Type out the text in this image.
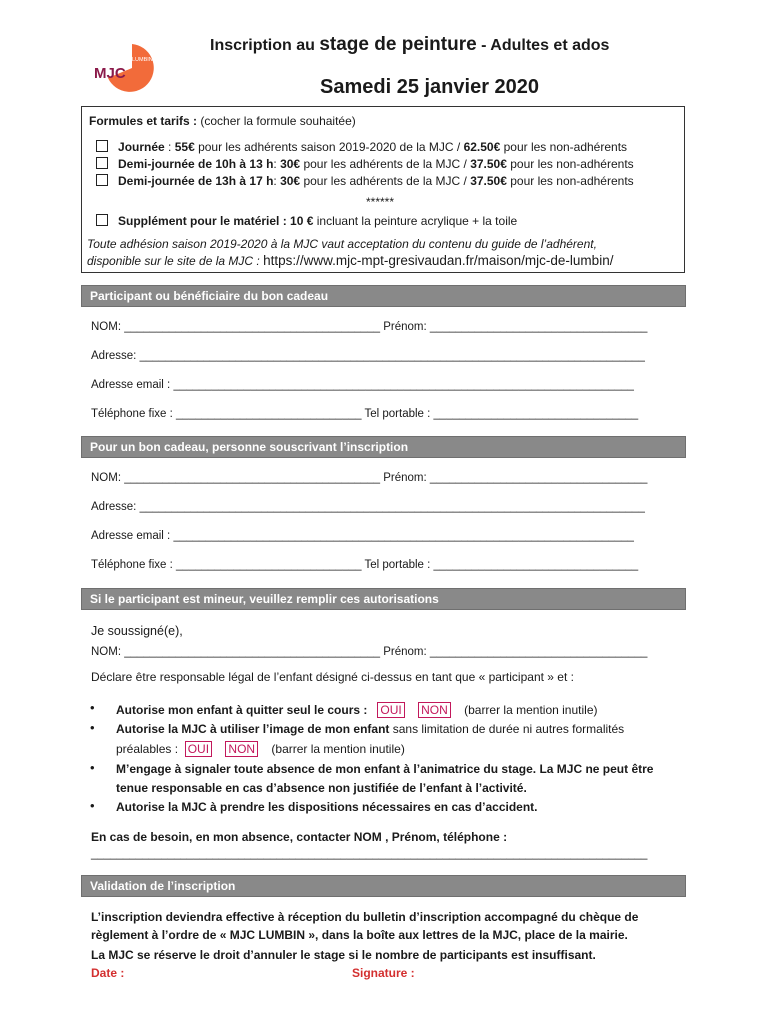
MJC
LUMBIN
Inscription au stage de peinture - Adultes et ados
Samedi 25 janvier 2020
Formules et tarifs : (cocher la formule souhaitée)
Journée : 55€ pour les adhérents saison 2019-2020 de la MJC / 62.50€ pour les non-adhérents
Demi-journée de 10h à 13 h: 30€ pour les adhérents de la MJC / 37.50€ pour les non-adhérents
Demi-journée de 13h à 17 h: 30€ pour les adhérents de la MJC / 37.50€ pour les non-adhérents
******
Supplément pour le matériel : 10 € incluant la peinture acrylique + la toile
Toute adhésion saison 2019-2020 à la MJC vaut acceptation du contenu du guide de l’adhérent,
disponible sur le site de la MJC : https://www.mjc-mpt-gresivaudan.fr/maison/mjc-de-lumbin/
Participant ou bénéficiaire du bon cadeau
NOM: ________________________________________ Prénom: __________________________________
Adresse: _______________________________________________________________________________
Adresse email : ________________________________________________________________________
Téléphone fixe : _____________________________ Tel portable : ________________________________
Pour un bon cadeau, personne souscrivant l’inscription
NOM: ________________________________________ Prénom: __________________________________
Adresse: _______________________________________________________________________________
Adresse email : ________________________________________________________________________
Téléphone fixe : _____________________________ Tel portable : ________________________________
Si le participant est mineur, veuillez remplir ces autorisations
Je soussigné(e),
NOM: ________________________________________ Prénom: __________________________________
Déclare être responsable légal de l’enfant désigné ci-dessus en tant que « participant » et :
• Autorise mon enfant à quitter seul le cours : OUI NON (barrer la mention inutile)
• Autorise la MJC à utiliser l’image de mon enfant sans limitation de durée ni autres formalités
préalables : OUI NON (barrer la mention inutile)
• M’engage à signaler toute absence de mon enfant à l’animatrice du stage. La MJC ne peut être
tenue responsable en cas d’absence non justifiée de l’enfant à l’activité.
• Autorise la MJC à prendre les dispositions nécessaires en cas d’accident.
En cas de besoin, en mon absence, contacter NOM , Prénom, téléphone :
_______________________________________________________________________________________
Validation de l’inscription
L’inscription deviendra effective à réception du bulletin d’inscription accompagné du chèque de
règlement à l’ordre de « MJC LUMBIN », dans la boîte aux lettres de la MJC, place de la mairie.
La MJC se réserve le droit d’annuler le stage si le nombre de participants est insuffisant.
Date :	Signature :
